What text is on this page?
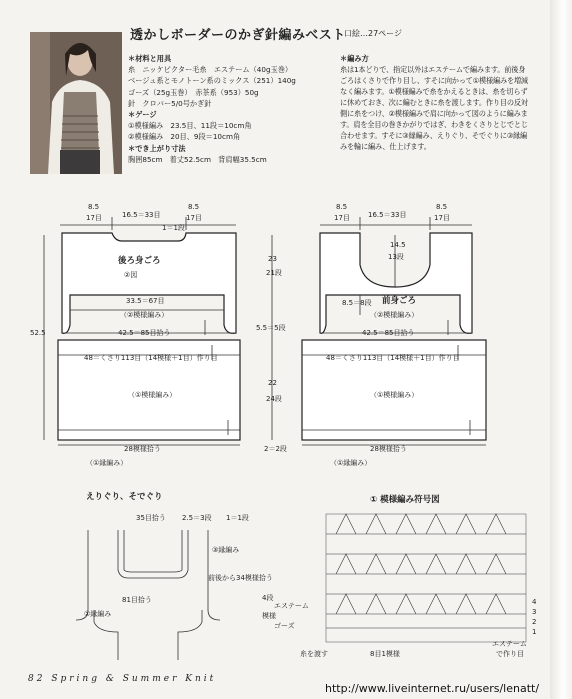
透かしボーダーのかぎ針編みベスト
口絵…27ページ
＊材料と用具
糸　ニッケビクター毛糸　エステーム（40g玉巻）
ベージュ系とモノトーン系のミックス（251）140g
ゴーズ（25g玉巻）　赤茶系（953）50g
針　クロバー5/0号かぎ針
＊ゲージ
①模様編み　23.5目、11段＝10cm角
②模様編み　20目、9段＝10cm角
＊でき上がり寸法
胸囲85cm　着丈52.5cm　背肩幅35.5cm
＊編み方
糸は1本どりで、指定以外はエステームで編みます。前後身ごろはくさりで作り目し、すそに向かって①模様編みを増減なく編みます。①模様編みで糸をかえるときは、糸を切らずに休めておき、次に編むときに糸を渡します。作り目の反対側に糸をつけ、②模様編みで肩に向かって図のように編みます。肩を全目の巻きかがりではぎ、わきをくさりとじでとじ合わせます。すそに③縁編み、えりぐり、そでぐりに③縁編みを輪に編み、仕上げます。
8.5
17目	16.5＝33目
8.5
17目
1＝1段
後ろ身ごろ
②図
33.5＝67目
（②模様編み）
42.5＝85目拾う
48＝くさり113目（14模様＋1目）作り目
（①模様編み）
28模様拾う
（①縁編み）
52.5
23
21段
5.5＝5段
22
24段
2＝2段
8.5
17目	16.5＝33目
8.5
17目
14.5
13段
前身ごろ
8.5＝8段
（②模様編み）
42.5＝85目拾う
48＝くさり113目（14模様＋1目）作り目
（①模様編み）
28模様拾う
（①縁編み）
えりぐり、そでぐり
35目拾う 2.5＝3段 1＝1段
③縁編み
前後から34模様拾う
81目拾う
②縁編み
① 模様編み符号図
4段
エステーム
ゴーズ
模様
4
3
2
1
糸を渡す	8目1模様
エステーム
で作り目
82 Spring & Summer Knit
http://www.liveinternet.ru/users/lenatt/
